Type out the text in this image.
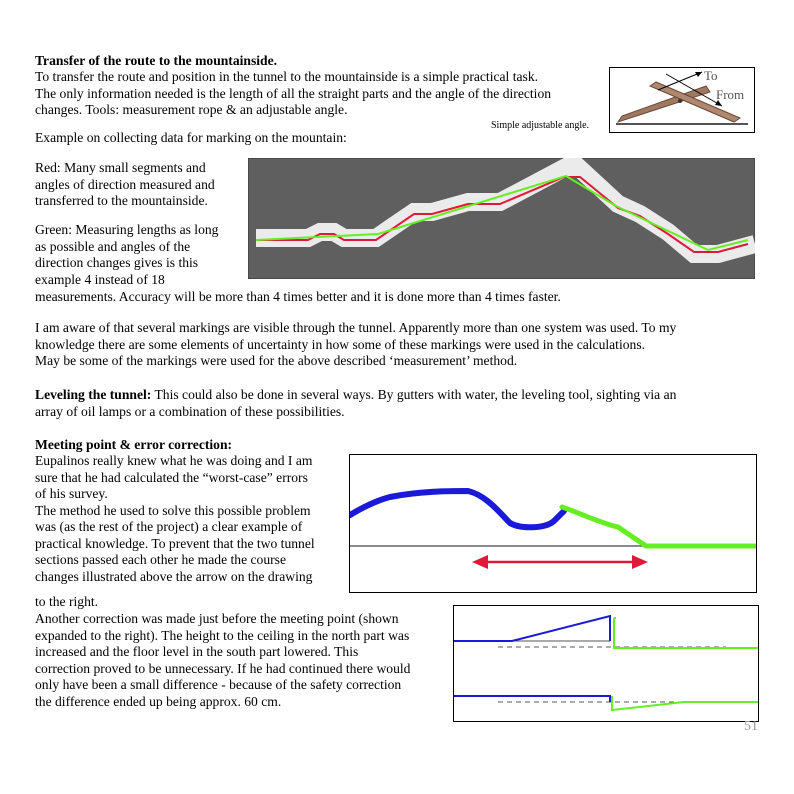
Transfer of the route to the mountainside.
To transfer the route and position in the tunnel to the mountainside is a simple practical task.
The only information needed is the length of all the straight parts and the angle of the direction
changes. Tools: measurement rope & an adjustable angle.
To
From
Simple adjustable angle.
Example on collecting data for marking on the mountain:
Red: Many small segments and
angles of direction measured and
transferred to the mountainside.
Green: Measuring lengths as long
as possible and angles of the
direction changes gives is this
example 4 instead of 18
measurements. Accuracy will be more than 4 times better and it is done more than 4 times faster.
I am aware of that several markings are visible through the tunnel. Apparently more than one system was used. To my
knowledge there are some elements of uncertainty in how some of these markings were used in the calculations.
May be some of the markings were used for the above described ‘measurement’ method.
Leveling the tunnel: This could also be done in several ways. By gutters with water, the leveling tool, sighting via an
array of oil lamps or a combination of these possibilities.
Meeting point & error correction:
Eupalinos really knew what he was doing and I am
sure that he had calculated the “worst-case” errors
of his survey.
The method he used to solve this possible problem
was (as the rest of the project) a clear example of
practical knowledge. To prevent that the two tunnel
sections passed each other he made the course
changes illustrated above the arrow on the drawing
to the right.
Another correction was made just before the meeting point (shown
expanded to the right). The height to the ceiling in the north part was
increased and the floor level in the south part lowered. This
correction proved to be unnecessary. If he had continued there would
only have been a small difference - because of the safety correction
the difference ended up being approx. 60 cm.
51
